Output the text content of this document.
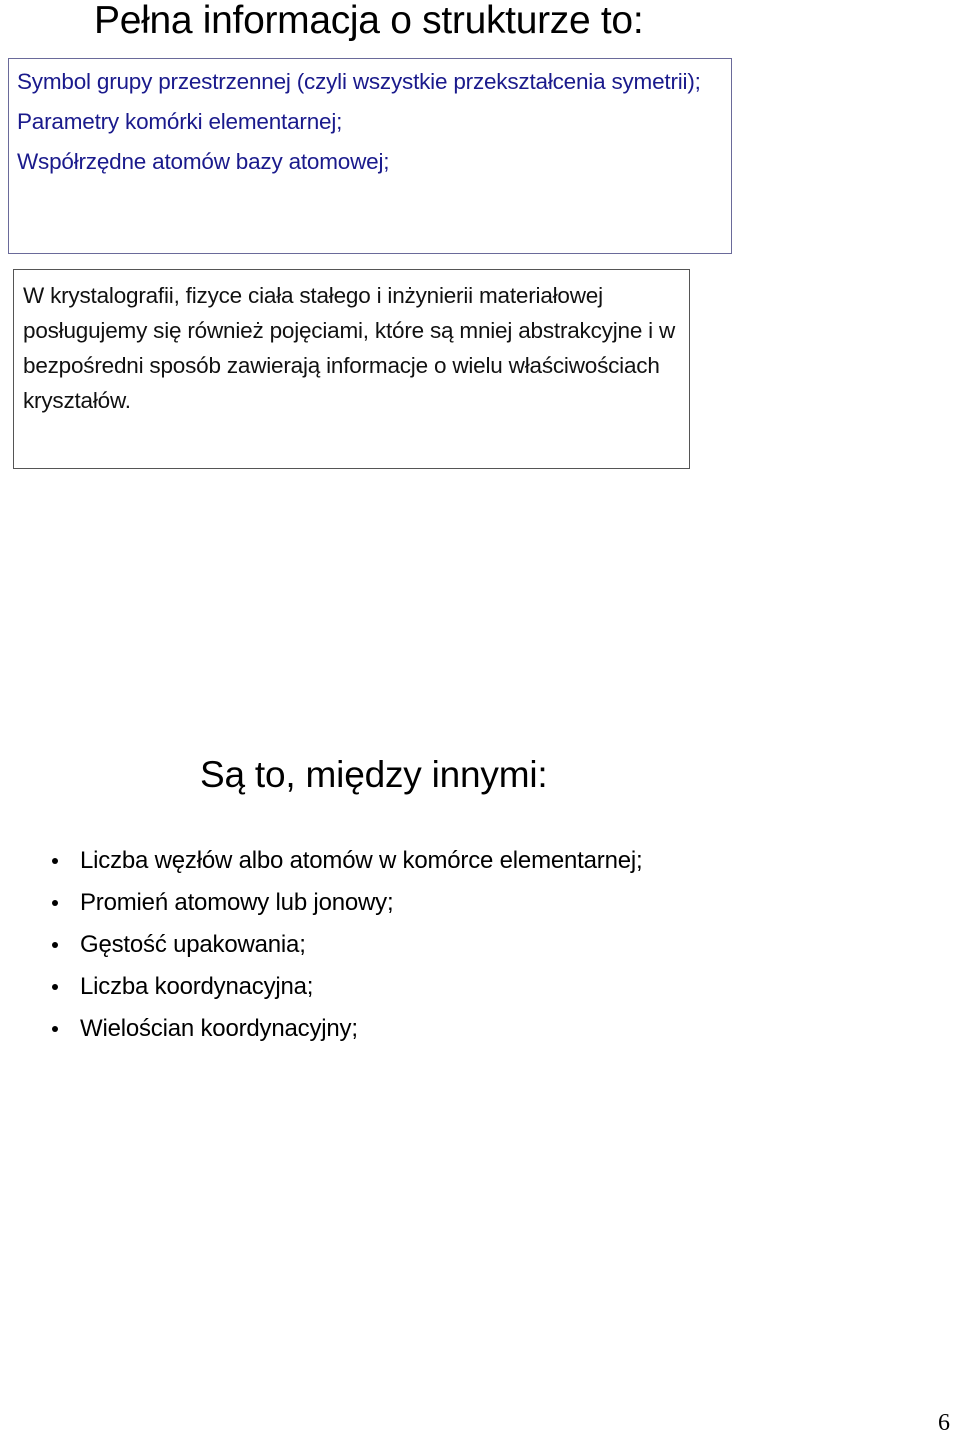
Pełna informacja o strukturze to:

Symbol grupy przestrzennej (czyli wszystkie przekształcenia symetrii);

Parametry komórki elementarnej;

Współrzędne atomów bazy atomowej;

W krystalografii, fizyce ciała stałego i inżynierii materiałowej posługujemy się również pojęciami, które są mniej abstrakcyjne i w bezpośredni sposób zawierają informacje o wielu właściwościach kryształów.

Są to, między innymi:
Liczba węzłów albo atomów w komórce elementarnej;
Promień atomowy lub jonowy;
Gęstość upakowania;
Liczba koordynacyjna;
Wielościan koordynacyjny;
6
